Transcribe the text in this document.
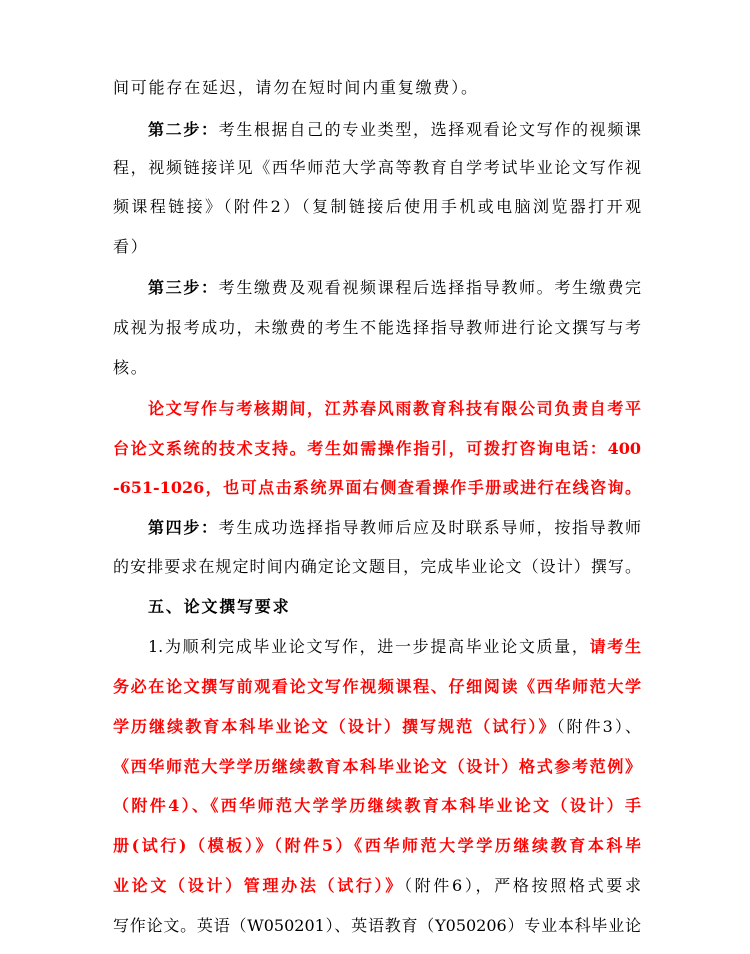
间可能存在延迟，请勿在短时间内重复缴费）。
第二步：考生根据自己的专业类型，选择观看论文写作的视频课
程，视频链接详见《西华师范大学高等教育自学考试毕业论文写作视
频课程链接》（附件2）（复制链接后使用手机或电脑浏览器打开观
看）
第三步：考生缴费及观看视频课程后选择指导教师。考生缴费完
成视为报考成功，未缴费的考生不能选择指导教师进行论文撰写与考
核。
论文写作与考核期间，江苏春风雨教育科技有限公司负责自考平
台论文系统的技术支持。考生如需操作指引，可拨打咨询电话：400
-651-1026，也可点击系统界面右侧查看操作手册或进行在线咨询。
第四步：考生成功选择指导教师后应及时联系导师，按指导教师
的安排要求在规定时间内确定论文题目，完成毕业论文（设计）撰写。
五、论文撰写要求
1.为顺利完成毕业论文写作，进一步提高毕业论文质量，请考生
务必在论文撰写前观看论文写作视频课程、仔细阅读《西华师范大学
学历继续教育本科毕业论文（设计）撰写规范（试行）》（附件3）、
《西华师范大学学历继续教育本科毕业论文（设计）格式参考范例》
（附件4）、《西华师范大学学历继续教育本科毕业论文（设计）手
册(试行)（模板）》（附件5）《西华师范大学学历继续教育本科毕
业论文（设计）管理办法（试行）》（附件6），严格按照格式要求
写作论文。英语（W050201）、英语教育（Y050206）专业本科毕业论
